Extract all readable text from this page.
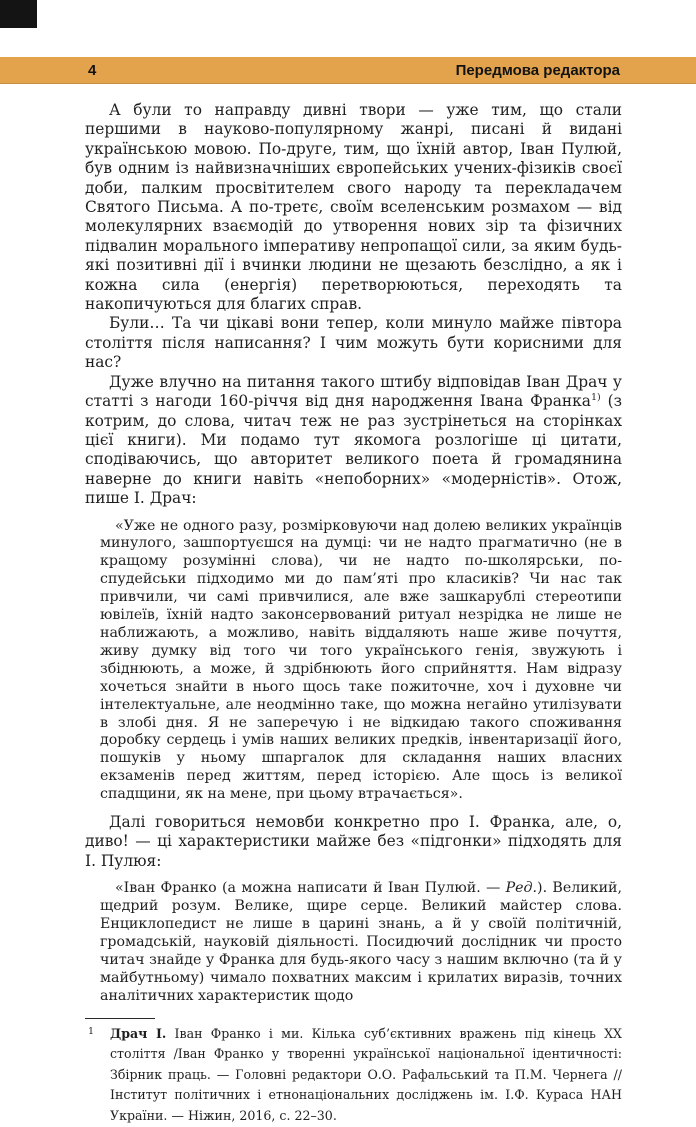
4	Передмова редактора

А були то направду дивні твори — уже тим, що стали першими в науково-популярному жанрі, писані й видані українською мовою. По-друге, тим, що їхній автор, Іван Пулюй, був одним із найвизначніших європейських учених-фізиків своєї доби, палким просвітителем свого народу та перекладачем Святого Письма. А по-третє, своїм вселенським розмахом — від молекулярних взаємодій до утворення нових зір та фізичних підвалин морального імперативу непропащої сили, за яким будь-які позитивні дії і вчинки людини не щезають безслідно, а як і кожна сила (енергія) перетворюються, переходять та накопичуються для благих справ.

Були… Та чи цікаві вони тепер, коли минуло майже півтора століття після написання? І чим можуть бути корисними для нас?

Дуже влучно на питання такого штибу відповідав Іван Драч у статті з нагоди 160-річчя від дня народження Івана Франка$^{1)}$ (з котрим, до слова, читач теж не раз зустрінеться на сторінках цієї книги). Ми подамо тут якомога розлогіше ці цитати, сподіваючись, що авторитет великого поета й громадянина наверне до книги навіть «непоборних» «модерністів». Отож, пише І. Драч:

«Уже не одного разу, розмірковуючи над долею великих українців минулого, зашпортуєшся на думці: чи не надто прагматично (не в кращому розумінні слова), чи не надто по-школярськи, по-спудейськи підходимо ми до пам’яті про класиків? Чи нас так привчили, чи самі привчилися, але вже зашкарублі стереотипи ювілеїв, їхній надто законсервований ритуал незрідка не лише не наближають, а можливо, навіть віддаляють наше живе почуття, живу думку від того чи того українського генія, звужують і збіднюють, а може, й здрібнюють його сприйняття. Нам відразу хочеться знайти в нього щось таке пожиточне, хоч і духовне чи інтелектуальне, але неодмінно таке, що можна негайно утилізувати в злобі дня. Я не заперечую і не відкидаю такого споживання доробку сердець і умів наших великих предків, інвентаризації його, пошуків у ньому шпаргалок для складання наших власних екзаменів перед життям, перед історією. Але щось із великої спадщини, як на мене, при цьому втрачається».

Далі говориться немовби конкретно про І. Франка, але, о, диво! — ці характеристики майже без «підгонки» підходять для І. Пулюя:

«Іван Франко (а можна написати й Іван Пулюй. — Ред.). Великий, щедрий розум. Велике, щире серце. Великий майстер слова. Енциклопедист не лише в царині знань, а й у своїй політичній, громадській, науковій діяльності. Посидючий дослідник чи просто читач знайде у Франка для будь-якого часу з нашим включно (та й у майбутньому) чимало похватних максим і крилатих виразів, точних аналітичних характеристик щодо
1 Драч І. Іван Франко і ми. Кілька суб’єктивних вражень під кінець ХХ століття /Іван Франко у творенні української національної ідентичності: Збірник праць. — Головні редактори О.О. Рафальський та П.М. Чернега //Інститут політичних і етнонаціональних досліджень ім. І.Ф. Кураса НАН України. — Ніжин, 2016, с. 22–30.
